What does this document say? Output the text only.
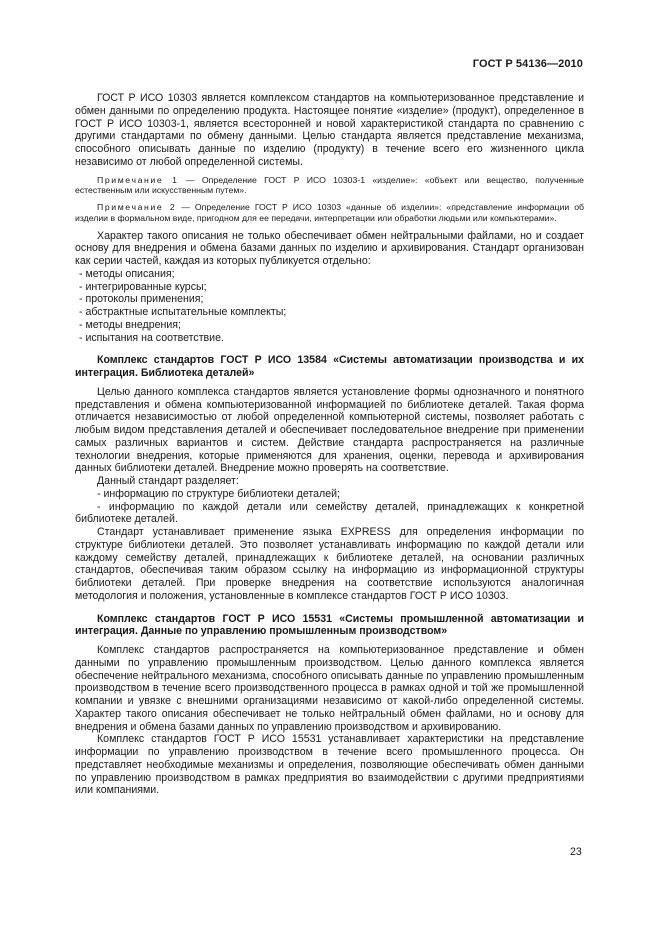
ГОСТ Р 54136—2010

ГОСТ Р ИСО 10303 является комплексом стандартов на компьютеризованное представление и обмен данными по определению продукта. Настоящее понятие «изделие» (продукт), определенное в ГОСТ Р ИСО 10303-1, является всесторонней и новой характеристикой стандарта по сравнению с другими стандартами по обмену данными. Целью стандарта является представление механизма, способного описывать данные по изделию (продукту) в течение всего его жизненного цикла независимо от любой определенной системы.

Примечание 1 — Определение ГОСТ Р ИСО 10303-1 «изделие»: «объект или вещество, полученные естественным или искусственным путем».

Примечание 2 — Определение ГОСТ Р ИСО 10303 «данные об изделии»: «представление информации об изделии в формальном виде, пригодном для ее передачи, интерпретации или обработки людьми или компьютерами».

Характер такого описания не только обеспечивает обмен нейтральными файлами, но и создает основу для внедрения и обмена базами данных по изделию и архивирования. Стандарт организован как серии частей, каждая из которых публикуется отдельно:

- методы описания;
- интегрированные курсы;
- протоколы применения;
- абстрактные испытательные комплекты;
- методы внедрения;
- испытания на соответствие.

Комплекс стандартов ГОСТ Р ИСО 13584 «Системы автоматизации производства и их интеграция. Библиотека деталей»

Целью данного комплекса стандартов является установление формы однозначного и понятного представления и обмена компьютеризованной информацией по библиотеке деталей. Такая форма отличается независимостью от любой определенной компьютерной системы, позволяет работать с любым видом представления деталей и обеспечивает последовательное внедрение при применении самых различных вариантов и систем. Действие стандарта распространяется на различные технологии внедрения, которые применяются для хранения, оценки, перевода и архивирования данных библиотеки деталей. Внедрение можно проверять на соответствие.

Данный стандарт разделяет:

- информацию по структуре библиотеки деталей;

- информацию по каждой детали или семейству деталей, принадлежащих к конкретной библиотеке деталей.

Стандарт устанавливает применение языка EXPRESS для определения информации по структуре библиотеки деталей. Это позволяет устанавливать информацию по каждой детали или каждому семейству деталей, принадлежащих к библиотеке деталей, на основании различных стандартов, обеспечивая таким образом ссылку на информацию из информационной структуры библиотеки деталей. При проверке внедрения на соответствие используются аналогичная методология и положения, установленные в комплексе стандартов ГОСТ Р ИСО 10303.

Комплекс стандартов ГОСТ Р ИСО 15531 «Системы промышленной автоматизации и интеграция. Данные по управлению промышленным производством»

Комплекс стандартов распространяется на компьютеризованное представление и обмен данными по управлению промышленным производством. Целью данного комплекса является обеспечение нейтрального механизма, способного описывать данные по управлению промышленным производством в течение всего производственного процесса в рамках одной и той же промышленной компании и увязке с внешними организациями независимо от какой-либо определенной системы. Характер такого описания обеспечивает не только нейтральный обмен файлами, но и основу для внедрения и обмена базами данных по управлению производством и архивированию.

Комплекс стандартов ГОСТ Р ИСО 15531 устанавливает характеристики на представление информации по управлению производством в течение всего промышленного процесса. Он представляет необходимые механизмы и определения, позволяющие обеспечивать обмен данными по управлению производством в рамках предприятия во взаимодействии с другими предприятиями или компаниями.

23
